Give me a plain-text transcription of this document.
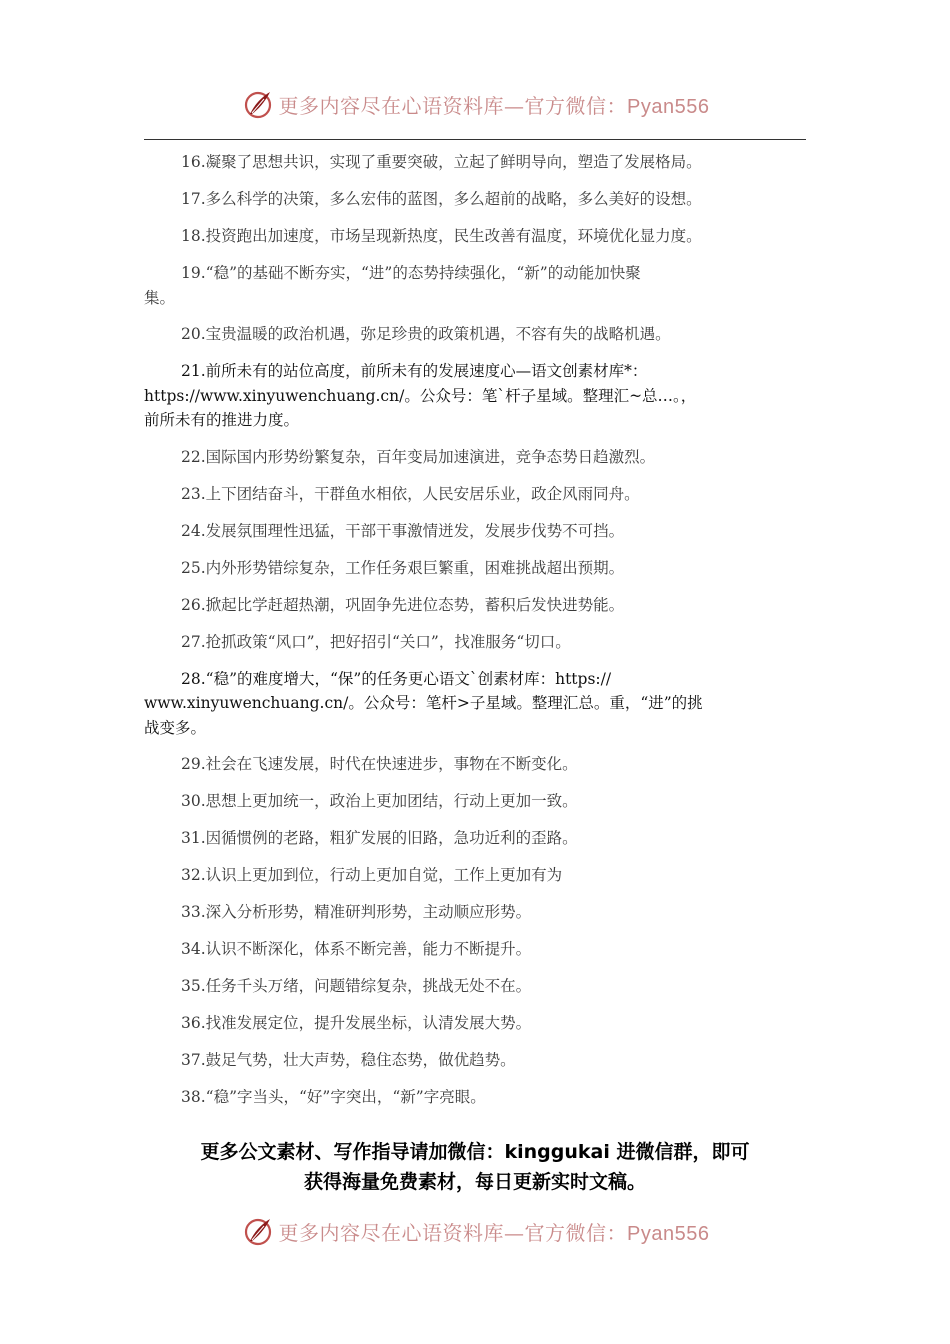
更多内容尽在心语资料库—官方微信：Pyan556

16.凝聚了思想共识，实现了重要突破，立起了鲜明导向，塑造了发展格局。

17.多么科学的决策，多么宏伟的蓝图，多么超前的战略，多么美好的设想。

18.投资跑出加速度，市场呈现新热度，民生改善有温度，环境优化显力度。

19.“稳”的基础不断夯实，“进”的态势持续强化，“新”的动能加快聚
集。

20.宝贵温暖的政治机遇，弥足珍贵的政策机遇，不容有失的战略机遇。

21.前所未有的站位高度，前所未有的发展速度心—语文创素材库*：
https://www.xinyuwenchuang.cn/。公众号：笔`杆子星域。整理汇~总…。，
前所未有的推进力度。

22.国际国内形势纷繁复杂，百年变局加速演进，竞争态势日趋激烈。

23.上下团结奋斗，干群鱼水相依，人民安居乐业，政企风雨同舟。

24.发展氛围理性迅猛，干部干事激情迸发，发展步伐势不可挡。

25.内外形势错综复杂，工作任务艰巨繁重，困难挑战超出预期。

26.掀起比学赶超热潮，巩固争先进位态势，蓄积后发快进势能。

27.抢抓政策“风口”，把好招引“关口”，找准服务“切口。

28.“稳”的难度增大，“保”的任务更心语文`创素材库：https://
www.xinyuwenchuang.cn/。公众号：笔杆>子星域。整理汇总。重，“进”的挑
战变多。

29.社会在飞速发展，时代在快速进步，事物在不断变化。

30.思想上更加统一，政治上更加团结，行动上更加一致。

31.因循惯例的老路，粗犷发展的旧路，急功近利的歪路。

32.认识上更加到位，行动上更加自觉，工作上更加有为

33.深入分析形势，精准研判形势，主动顺应形势。

34.认识不断深化，体系不断完善，能力不断提升。

35.任务千头万绪，问题错综复杂，挑战无处不在。

36.找准发展定位，提升发展坐标，认清发展大势。

37.鼓足气势，壮大声势，稳住态势，做优趋势。

38.“稳”字当头，“好”字突出，“新”字亮眼。

更多公文素材、写作指导请加微信：kinggukai 进微信群，即可
获得海量免费素材，每日更新实时文稿。
更多内容尽在心语资料库—官方微信：Pyan556
